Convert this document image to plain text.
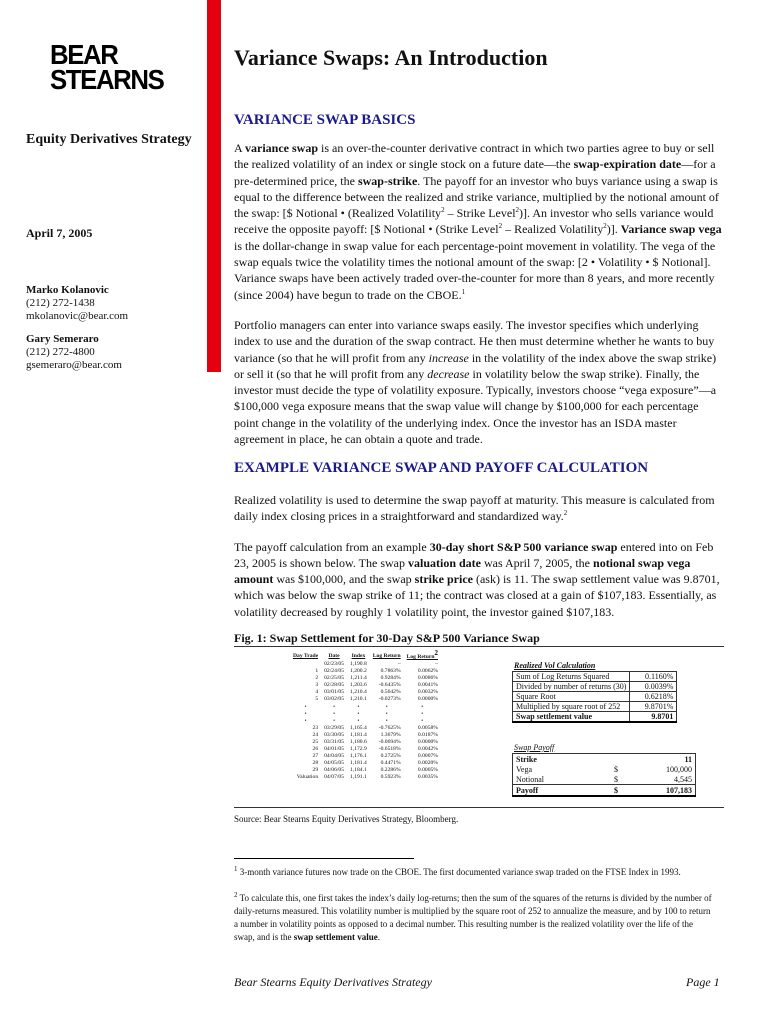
BEAR
STEARNS
Equity Derivatives Strategy
April 7, 2005
Marko Kolanovic
(212) 272-1438
mkolanovic@bear.com
Gary Semeraro
(212) 272-4800
gsemeraro@bear.com
Variance Swaps: An Introduction
VARIANCE SWAP BASICS

A variance swap is an over-the-counter derivative contract in which two parties agree to buy or sell the realized volatility of an index or single stock on a future date—the swap-expiration date—for a pre-determined price, the swap-strike. The payoff for an investor who buys variance using a swap is equal to the difference between the realized and strike variance, multiplied by the notional amount of the swap: [$ Notional • (Realized Volatility$^2$ – Strike Level$^2$)]. An investor who sells variance would receive the opposite payoff: [$ Notional • (Strike Level$^2$ – Realized Volatility$^2$)]. Variance swap vega is the dollar-change in swap value for each percentage-point movement in volatility. The vega of the swap equals twice the volatility times the notional amount of the swap: [2 • Volatility • $ Notional]. Variance swaps have been actively traded over-the-counter for more than 8 years, and more recently (since 2004) have begun to trade on the CBOE.$^1$

Portfolio managers can enter into variance swaps easily. The investor specifies which underlying index to use and the duration of the swap contract. He then must determine whether he wants to buy variance (so that he will profit from any increase in the volatility of the index above the swap strike) or sell it (so that he will profit from any decrease in volatility below the swap strike). Finally, the investor must decide the type of volatility exposure. Typically, investors choose “vega exposure”—a $100,000 vega exposure means that the swap value will change by $100,000 for each percentage point change in the volatility of the underlying index. Once the investor has an ISDA master agreement in place, he can obtain a quote and trade.

EXAMPLE VARIANCE SWAP AND PAYOFF CALCULATION

Realized volatility is used to determine the swap payoff at maturity. This measure is calculated from daily index closing prices in a straightforward and standardized way.$^2$

The payoff calculation from an example 30-day short S&P 500 variance swap entered into on Feb 23, 2005 is shown below. The swap valuation date was April 7, 2005, the notional swap vega amount was $100,000, and the swap strike price (ask) is 11. The swap settlement value was 9.8701, which was below the swap strike of 11; the contract was closed at a gain of $107,183. Essentially, as volatility decreased by roughly 1 volatility point, the investor gained $107,183.

Fig. 1: Swap Settlement for 30-Day S&P 500 Variance Swap
Day Trade	Date	Index	Log Return	Log Return$^2$
	02/23/05	1,190.8	–	–
1	02/24/05	1,200.2	0.7863%	0.0062%
2	02/25/05	1,211.4	0.9284%	0.0086%
3	02/28/05	1,203.6	-0.6435%	0.0041%
4	03/01/05	1,210.4	0.5642%	0.0032%
5	03/02/05	1,210.1	-0.0273%	0.0000%
•	•	•	•	•
•	•	•	•	•
•	•	•	•	•
23	03/29/05	1,165.4	-0.7625%	0.0058%
24	03/30/05	1,181.4	1.3679%	0.0187%
25	03/31/05	1,180.6	-0.0694%	0.0000%
26	04/01/05	1,172.9	-0.6518%	0.0042%
27	04/04/05	1,176.1	0.2725%	0.0007%
28	04/05/05	1,181.4	0.4471%	0.0020%
29	04/06/05	1,184.1	0.2286%	0.0005%
Valuation	04/07/05	1,191.1	0.5923%	0.0035%
Realized Vol Calculation
Sum of Log Returns Squared	0.1160%
Divided by number of returns (30)	0.0039%
Square Root	0.6218%
Multiplied by square root of 252	9.8701%
Swap settlement value	9.8701
Swap Payoff
Strike		11
Vega	$	100,000
Notional	$	4,545
Payoff	$	107,183
Source: Bear Stearns Equity Derivatives Strategy, Bloomberg.
$^1$ 3-month variance futures now trade on the CBOE. The first documented variance swap traded on the FTSE Index in 1993.
$^2$ To calculate this, one first takes the index’s daily log-returns; then the sum of the squares of the returns is divided by the number of daily-returns measured. This volatility number is multiplied by the square root of 252 to annualize the measure, and by 100 to return a number in volatility points as opposed to a decimal number. This resulting number is the realized volatility over the life of the swap, and is the swap settlement value.
Bear Stearns Equity Derivatives Strategy	Page 1
